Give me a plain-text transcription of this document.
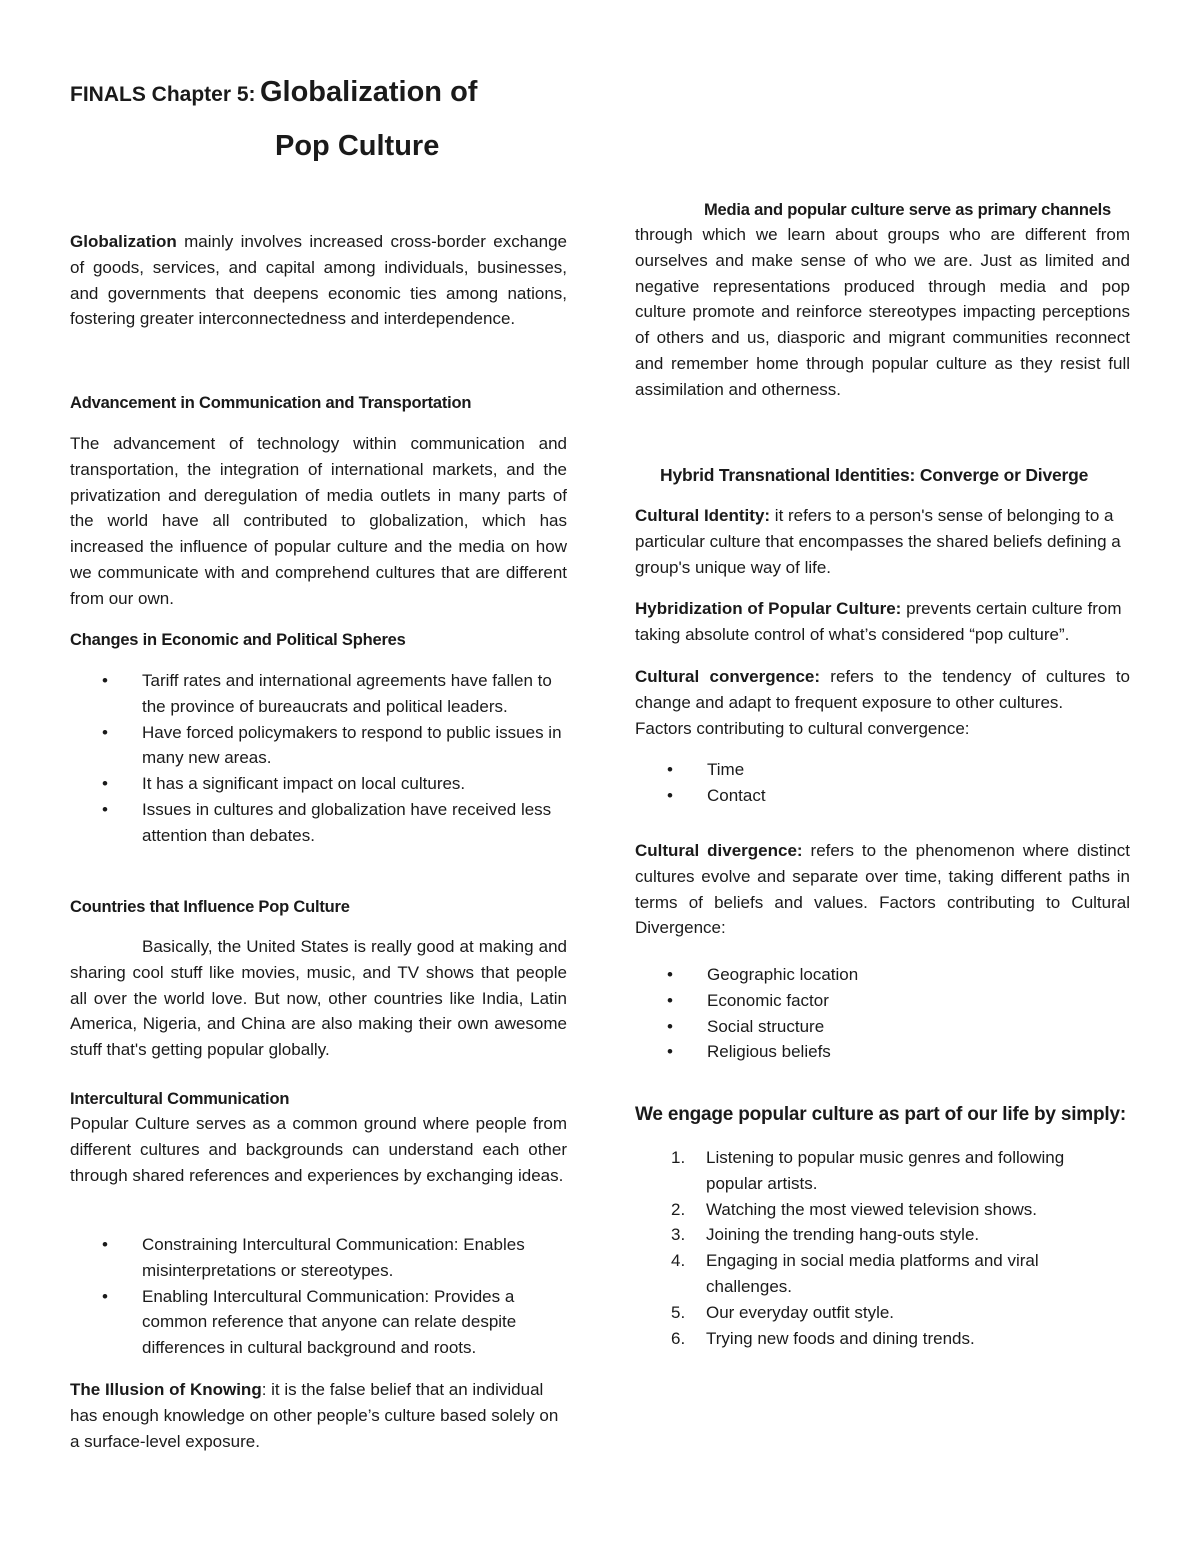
FINALS Chapter 5: Globalization of
Pop Culture

Globalization mainly involves increased cross-border exchange of goods, services, and capital among individuals, businesses, and governments that deepens economic ties among nations, fostering greater interconnectedness and interdependence.

Advancement in Communication and Transportation

The advancement of technology within communication and transportation, the integration of international markets, and the privatization and deregulation of media outlets in many parts of the world have all contributed to globalization, which has increased the influence of popular culture and the media on how we communicate with and comprehend cultures that are different from our own.

Changes in Economic and Political Spheres
• Tariff rates and international agreements have fallen to the province of bureaucrats and political leaders.
• Have forced policymakers to respond to public issues in many new areas.
• It has a significant impact on local cultures.
• Issues in cultures and globalization have received less attention than debates.
Countries that Influence Pop Culture

Basically, the United States is really good at making and sharing cool stuff like movies, music, and TV shows that people all over the world love. But now, other countries like India, Latin America, Nigeria, and China are also making their own awesome stuff that's getting popular globally.

Intercultural Communication

Popular Culture serves as a common ground where people from different cultures and backgrounds can understand each other through shared references and experiences by exchanging ideas.

• Constraining Intercultural Communication: Enables misinterpretations or stereotypes.
• Enabling Intercultural Communication: Provides a common reference that anyone can relate despite differences in cultural background and roots.

The Illusion of Knowing: it is the false belief that an individual has enough knowledge on other people’s culture based solely on a surface-level exposure.

Media and popular culture serve as primary channels

through which we learn about groups who are different from ourselves and make sense of who we are. Just as limited and negative representations produced through media and pop culture promote and reinforce stereotypes impacting perceptions of others and us, diasporic and migrant communities reconnect and remember home through popular culture as they resist full assimilation and otherness.

Hybrid Transnational Identities: Converge or Diverge

Cultural Identity: it refers to a person's sense of belonging to a particular culture that encompasses the shared beliefs defining a group's unique way of life.

Hybridization of Popular Culture: prevents certain culture from taking absolute control of what’s considered “pop culture”.

Cultural convergence: refers to the tendency of cultures to change and adapt to frequent exposure to other cultures.

Factors contributing to cultural convergence:

• Time
• Contact

Cultural divergence: refers to the phenomenon where distinct cultures evolve and separate over time, taking different paths in terms of beliefs and values. Factors contributing to Cultural Divergence:

• Geographic location
• Economic factor
• Social structure
• Religious beliefs
We engage popular culture as part of our life by simply:
1. Listening to popular music genres and following popular artists.
2. Watching the most viewed television shows.
3. Joining the trending hang-outs style.
4. Engaging in social media platforms and viral challenges.
5. Our everyday outfit style.
6. Trying new foods and dining trends.
